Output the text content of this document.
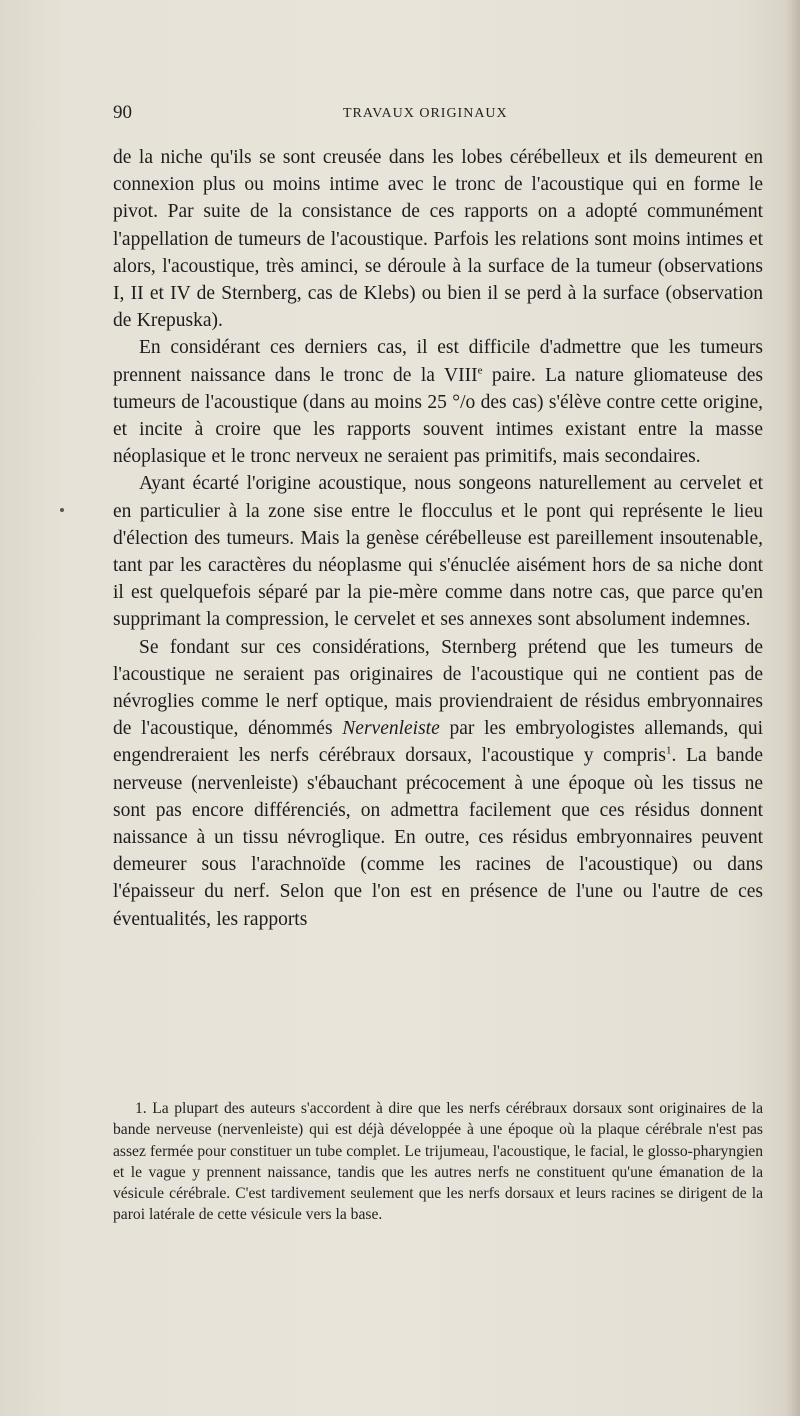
90	TRAVAUX ORIGINAUX

de la niche qu'ils se sont creusée dans les lobes cérébelleux et ils demeurent en connexion plus ou moins intime avec le tronc de l'acoustique qui en forme le pivot. Par suite de la consistance de ces rapports on a adopté communément l'appellation de tumeurs de l'acoustique. Parfois les relations sont moins intimes et alors, l'acoustique, très aminci, se déroule à la surface de la tumeur (observations I, II et IV de Sternberg, cas de Klebs) ou bien il se perd à la surface (observation de Krepuska).

En considérant ces derniers cas, il est difficile d'admettre que les tumeurs prennent naissance dans le tronc de la VIIIe paire. La nature gliomateuse des tumeurs de l'acoustique (dans au moins 25 °/o des cas) s'élève contre cette origine, et incite à croire que les rapports souvent intimes existant entre la masse néoplasique et le tronc nerveux ne seraient pas primitifs, mais secondaires.

Ayant écarté l'origine acoustique, nous songeons naturellement au cervelet et en particulier à la zone sise entre le flocculus et le pont qui représente le lieu d'élection des tumeurs. Mais la genèse cérébelleuse est pareillement insoutenable, tant par les caractères du néoplasme qui s'énuclée aisément hors de sa niche dont il est quelquefois séparé par la pie-mère comme dans notre cas, que parce qu'en supprimant la compression, le cervelet et ses annexes sont absolument indemnes.

Se fondant sur ces considérations, Sternberg prétend que les tumeurs de l'acoustique ne seraient pas originaires de l'acoustique qui ne contient pas de névroglies comme le nerf optique, mais proviendraient de résidus embryonnaires de l'acoustique, dénommés Nervenleiste par les embryologistes allemands, qui engendreraient les nerfs cérébraux dorsaux, l'acoustique y compris$^1$. La bande nerveuse (nervenleiste) s'ébauchant précocement à une époque où les tissus ne sont pas encore différenciés, on admettra facilement que ces résidus donnent naissance à un tissu névroglique. En outre, ces résidus embryonnaires peuvent demeurer sous l'arachnoïde (comme les racines de l'acoustique) ou dans l'épaisseur du nerf. Selon que l'on est en présence de l'une ou l'autre de ces éventualités, les rapports

1. La plupart des auteurs s'accordent à dire que les nerfs cérébraux dorsaux sont originaires de la bande nerveuse (nervenleiste) qui est déjà développée à une époque où la plaque cérébrale n'est pas assez fermée pour constituer un tube complet. Le trijumeau, l'acoustique, le facial, le glosso-pharyngien et le vague y prennent naissance, tandis que les autres nerfs ne constituent qu'une émanation de la vésicule cérébrale. C'est tardivement seulement que les nerfs dorsaux et leurs racines se dirigent de la paroi latérale de cette vésicule vers la base.
